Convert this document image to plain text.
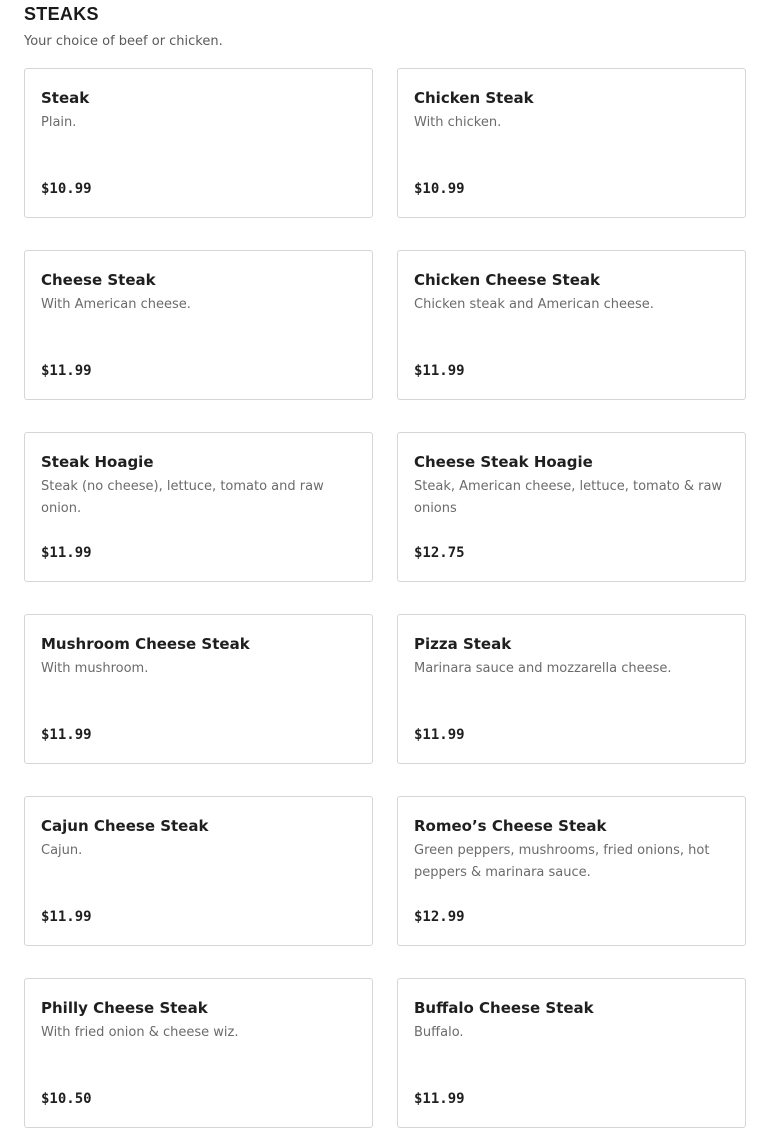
STEAKS

Your choice of beef or chicken.

Steak
Plain.
$10.99
Chicken Steak
With chicken.
$10.99
Cheese Steak
With American cheese.
$11.99
Chicken Cheese Steak
Chicken steak and American cheese.
$11.99
Steak Hoagie
Steak (no cheese), lettuce, tomato and raw onion.
$11.99
Cheese Steak Hoagie
Steak, American cheese, lettuce, tomato & raw onions
$12.75
Mushroom Cheese Steak
With mushroom.
$11.99
Pizza Steak
Marinara sauce and mozzarella cheese.
$11.99
Cajun Cheese Steak
Cajun.
$11.99
Romeo’s Cheese Steak
Green peppers, mushrooms, fried onions, hot peppers & marinara sauce.
$12.99
Philly Cheese Steak
With fried onion & cheese wiz.
$10.50
Buffalo Cheese Steak
Buffalo.
$11.99
